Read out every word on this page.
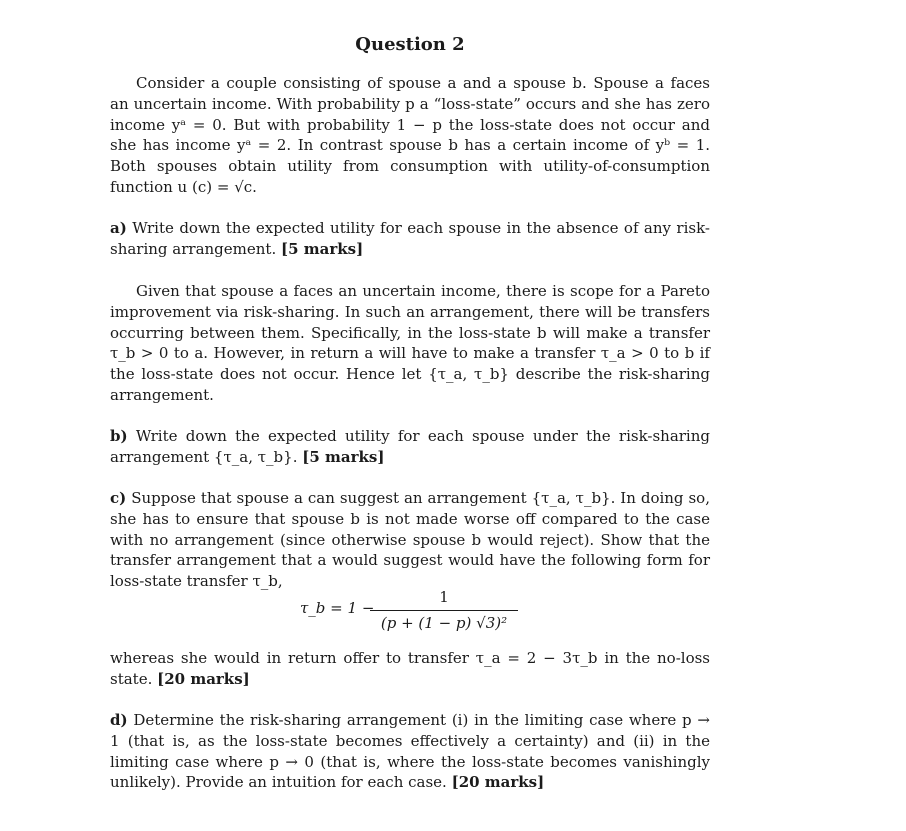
Question 2
Consider a couple consisting of spouse a and a spouse b. Spouse a faces an uncertain income. With probability p a “loss-state” occurs and she has zero income yᵃ = 0. But with probability 1 − p the loss-state does not occur and she has income yᵃ = 2. In contrast spouse b has a certain income of yᵇ = 1. Both spouses obtain utility from consumption with utility-of-consumption function u (c) = √c.
a) Write down the expected utility for each spouse in the absence of any risk-sharing arrangement. [5 marks]
Given that spouse a faces an uncertain income, there is scope for a Pareto improvement via risk-sharing. In such an arrangement, there will be transfers occurring between them. Specifically, in the loss-state b will make a transfer τ_b > 0 to a. However, in return a will have to make a transfer τ_a > 0 to b if the loss-state does not occur. Hence let {τ_a, τ_b} describe the risk-sharing arrangement.
b) Write down the expected utility for each spouse under the risk-sharing arrangement {τ_a, τ_b}. [5 marks]
c) Suppose that spouse a can suggest an arrangement {τ_a, τ_b}. In doing so, she has to ensure that spouse b is not made worse off compared to the case with no arrangement (since otherwise spouse b would reject). Show that the transfer arrangement that a would suggest would have the following form for loss-state transfer τ_b,
τ_b = 1 −
1
(p + (1 − p) √3)²
whereas she would in return offer to transfer τ_a = 2 − 3τ_b in the no-loss state. [20 marks]
d) Determine the risk-sharing arrangement (i) in the limiting case where p → 1 (that is, as the loss-state becomes effectively a certainty) and (ii) in the limiting case where p → 0 (that is, where the loss-state becomes vanishingly unlikely). Provide an intuition for each case. [20 marks]
